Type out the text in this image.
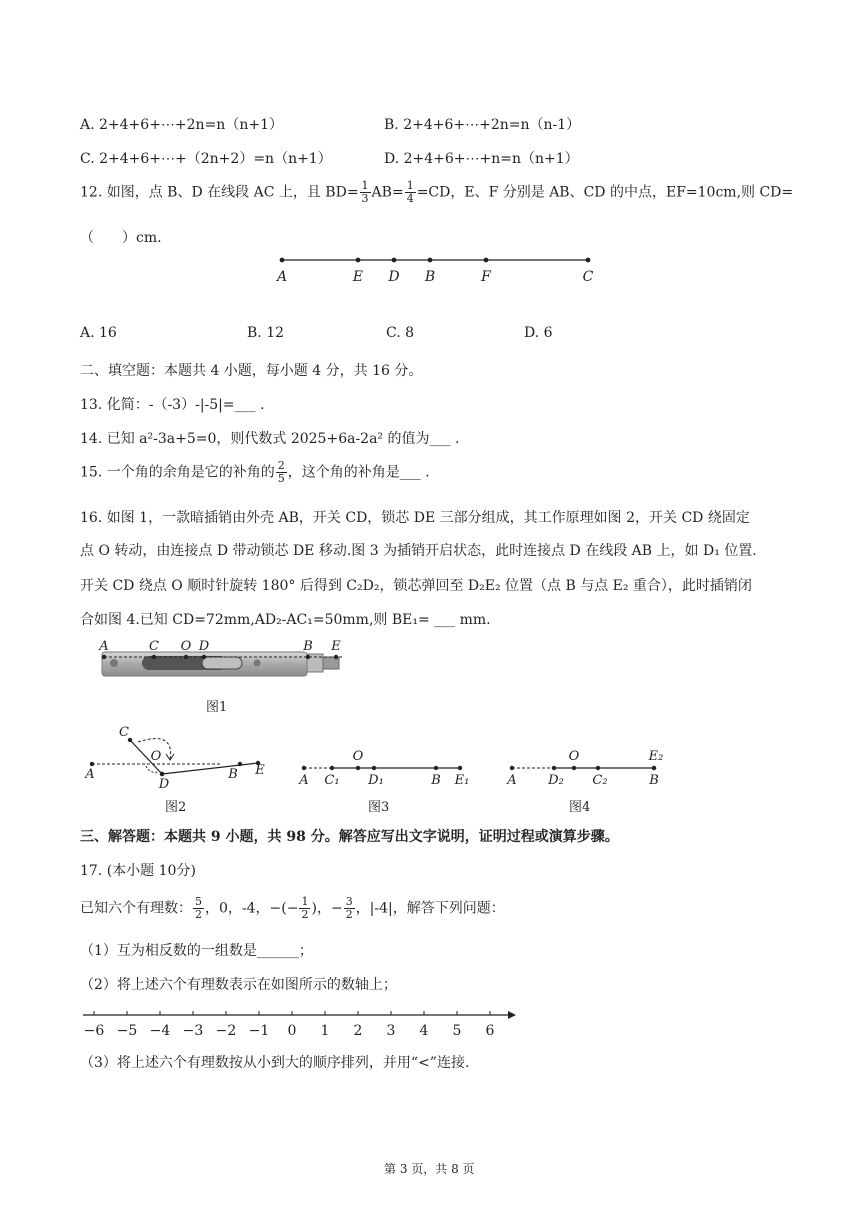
A. 2+4+6+⋯+2n=n（n+1）	B. 2+4+6+⋯+2n=n（n-1）
C. 2+4+6+⋯+（2n+2）=n（n+1）	D. 2+4+6+⋯+n=n（n+1）
12. 如图，点 B、D 在线段 AC 上，且 $BD= \frac{1}{3} AB= \frac{1}{4} =CD$，E、F 分别是 AB、CD 的中点，EF=10cm,则 CD=
（　　）cm.
A	E D B	F	C
A. 16	B. 12	C. 8	D. 6
二、填空题：本题共 4 小题，每小题 4 分，共 16 分。
13. 化简：-（-3）-|-5|=___ .
14. 已知 a²-3a+5=0，则代数式 2025+6a-2a² 的值为___ .
15. 一个角的余角是它的补角的 $\frac{2}{5}$ ，这个角的补角是___ .
16. 如图 1，一款暗插销由外壳 AB，开关 CD，锁芯 DE 三部分组成，其工作原理如图 2，开关 CD 绕固定
点 O 转动，由连接点 D 带动锁芯 DE 移动.图 3 为插销开启状态，此时连接点 D 在线段 AB 上，如 D₁ 位置.
开关 CD 绕点 O 顺时针旋转 180° 后得到 C₂D₂，锁芯弹回至 D₂E₂ 位置（点 B 与点 E₂ 重合），此时插销闭
合如图 4.已知 CD=72mm,AD₂-AC₁=50mm,则 BE₁= ___ mm.
A	C O D	B E
图1
C
O
A
D
B E
图2
O
A C₁ D₁	B E₁
图3
O	E₂
A D₂ C₂	B
图4
三、解答题：本题共 9 小题，共 98 分。解答应写出文字说明，证明过程或演算步骤。
17. (本小题 10分)
已知六个有理数： $\frac{5}{2}$ ，0，-4，−(− $\frac{1}{2}$ )，− $\frac{3}{2}$ ，|-4|，解答下列问题：
（1）互为相反数的一组数是______；
（2）将上述六个有理数表示在如图所示的数轴上；
−6 −5 −4 −3 −2 −1 0 1 2 3 4 5 6
（3）将上述六个有理数按从小到大的顺序排列，并用“<”连接.
第 3 页，共 8 页
